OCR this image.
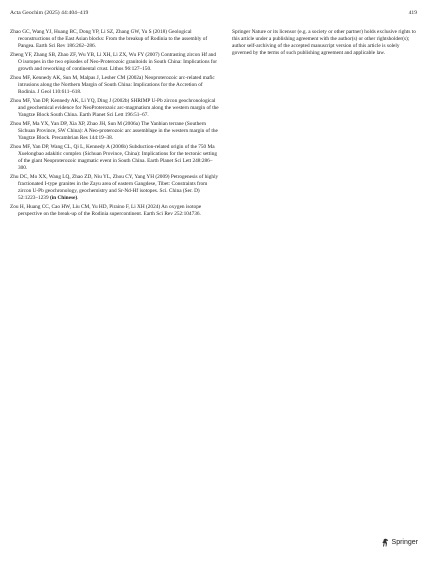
Acta Geochim (2025) 44:404–419	419

Zhao GC, Wang YJ, Huang BC, Dong YP, Li SZ, Zhang GW, Yu S (2018) Geological reconstructions of the East Asian blocks: From the breakup of Rodinia to the assembly of Pangea. Earth Sci Rev 186:262–286.

Zheng YF, Zhang SB, Zhao ZF, Wu YB, Li XH, Li ZX, Wu FY (2007) Contrasting zircon Hf and O isotopes in the two episodes of Neo-Proterozoic granitoids in South China: Implications for growth and reworking of continental crust. Lithos 96:127–150.

Zhou MF, Kennedy AK, Sun M, Malpas J, Lesher CM (2002a) Neoproterozoic arc-related mafic intrusions along the Northern Margin of South China: Implications for the Accretion of Rodinia. J Geol 110:611–618.

Zhou MF, Yan DP, Kennedy AK, Li YQ, Ding J (2002b) SHRIMP U-Pb zircon geochronological and geochemical evidence for NeoProterozoic arc-magmatism along the western margin of the Yangtze Block South China. Earth Planet Sci Lett 196:51–67.

Zhou MF, Ma YX, Yan DP, Xia XP, Zhao JH, Sun M (2006a) The Yanbian terrane (Southern Sichuan Province, SW China): A Neo-proterozoic arc assemblage in the western margin of the Yangtze Block. Precambrian Res 144:19–38.

Zhou MF, Yan DP, Wang CL, Qi L, Kennedy A (2006b) Subduction-related origin of the 750 Ma Xuelongbao adakitic complex (Sichuan Province, China): Implications for the tectonic setting of the giant Neoproterozoic magmatic event in South China. Earth Planet Sci Lett 248:286–300.

Zhu DC, Mo XX, Wang LQ, Zhao ZD, Niu YL, Zhou CY, Yang YH (2009) Petrogenesis of highly fractionated I-type granites in the Zayu area of eastern Gangdese, Tibet: Constraints from zircon U-Pb geochronology, geochemistry and Sr-Nd-Hf isotopes. Sci. China (Ser. D) 52:1223–1239 (in Chinese).

Zou H, Huang CC, Cao HW, Liu CM, Yu HD, Piraino F, Li XH (2024) An oxygen isotope perspective on the break-up of the Rodinia supercontinent. Earth Sci Rev 252:104736.

Springer Nature or its licensor (e.g. a society or other partner) holds exclusive rights to this article under a publishing agreement with the author(s) or other rightsholder(s); author self-archiving of the accepted manuscript version of this article is solely governed by the terms of such publishing agreement and applicable law.

Springer
